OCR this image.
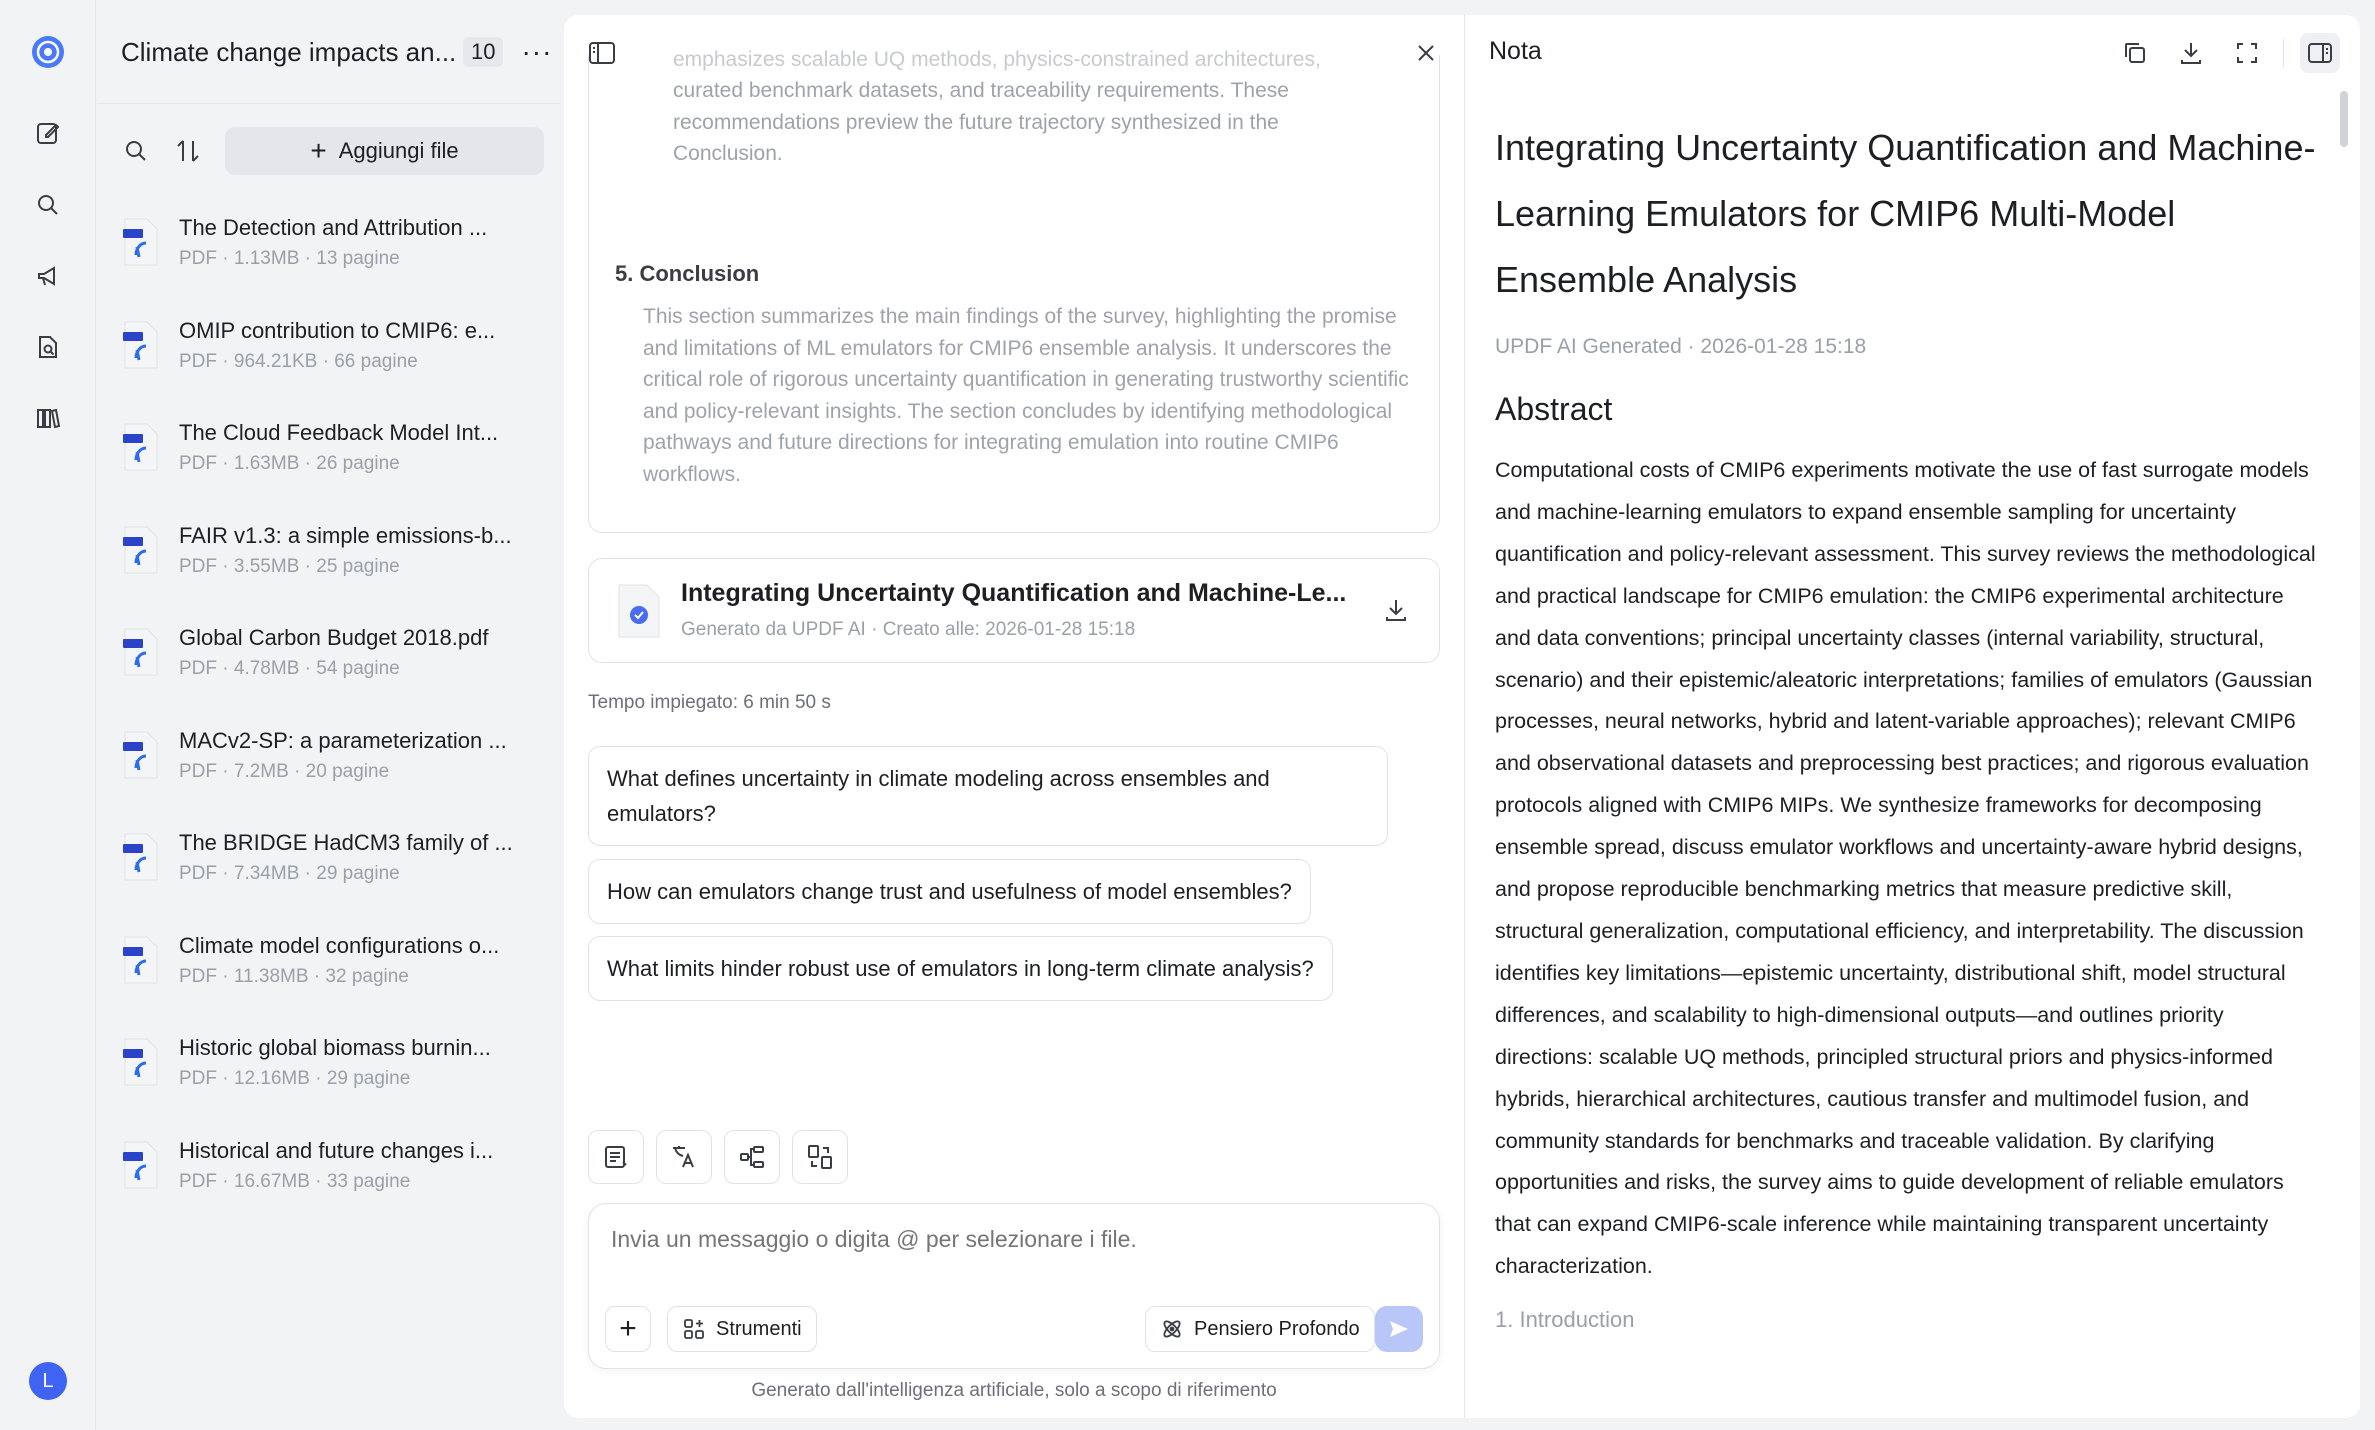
L
Climate change impacts an... 10 ···
+ Aggiungi file
The Detection and Attribution ...
PDF · 1.13MB · 13 pagine
OMIP contribution to CMIP6: e...
PDF · 964.21KB · 66 pagine
The Cloud Feedback Model Int...
PDF · 1.63MB · 26 pagine
FAIR v1.3: a simple emissions-b...
PDF · 3.55MB · 25 pagine
Global Carbon Budget 2018.pdf
PDF · 4.78MB · 54 pagine
MACv2-SP: a parameterization ...
PDF · 7.2MB · 20 pagine
The BRIDGE HadCM3 family of ...
PDF · 7.34MB · 29 pagine
Climate model configurations o...
PDF · 11.38MB · 32 pagine
Historic global biomass burnin...
PDF · 12.16MB · 29 pagine
Historical and future changes i...
PDF · 16.67MB · 33 pagine
emphasizes scalable UQ methods, physics-constrained architectures,
curated benchmark datasets, and traceability requirements. These recommendations preview the future trajectory synthesized in the Conclusion.
5. Conclusion
This section summarizes the main findings of the survey, highlighting the promise and limitations of ML emulators for CMIP6 ensemble analysis. It underscores the critical role of rigorous uncertainty quantification in generating trustworthy scientific and policy-relevant insights. The section concludes by identifying methodological pathways and future directions for integrating emulation into routine CMIP6 workflows.
Integrating Uncertainty Quantification and Machine-Le...
Generato da UPDF AI · Creato alle: 2026-01-28 15:18
Tempo impiegato: 6 min 50 s
What defines uncertainty in climate modeling across ensembles and emulators?
How can emulators change trust and usefulness of model ensembles?
What limits hinder robust use of emulators in long-term climate analysis?
Invia un messaggio o digita @ per selezionare i file.
+	Strumenti	Pensiero Profondo
Generato dall'intelligenza artificiale, solo a scopo di riferimento
Nota
Integrating Uncertainty Quantification and Machine-Learning Emulators for CMIP6 Multi-Model Ensemble Analysis
UPDF AI Generated · 2026-01-28 15:18
Abstract
Computational costs of CMIP6 experiments motivate the use of fast surrogate models and machine-learning emulators to expand ensemble sampling for uncertainty quantification and policy-relevant assessment. This survey reviews the methodological and practical landscape for CMIP6 emulation: the CMIP6 experimental architecture and data conventions; principal uncertainty classes (internal variability, structural, scenario) and their epistemic/aleatoric interpretations; families of emulators (Gaussian processes, neural networks, hybrid and latent-variable approaches); relevant CMIP6 and observational datasets and preprocessing best practices; and rigorous evaluation protocols aligned with CMIP6 MIPs. We synthesize frameworks for decomposing ensemble spread, discuss emulator workflows and uncertainty-aware hybrid designs, and propose reproducible benchmarking metrics that measure predictive skill, structural generalization, computational efficiency, and interpretability. The discussion identifies key limitations—epistemic uncertainty, distributional shift, model structural differences, and scalability to high-dimensional outputs—and outlines priority directions: scalable UQ methods, principled structural priors and physics-informed hybrids, hierarchical architectures, cautious transfer and multimodel fusion, and community standards for benchmarks and traceable validation. By clarifying opportunities and risks, the survey aims to guide development of reliable emulators that can expand CMIP6-scale inference while maintaining transparent uncertainty characterization.
1. Introduction
